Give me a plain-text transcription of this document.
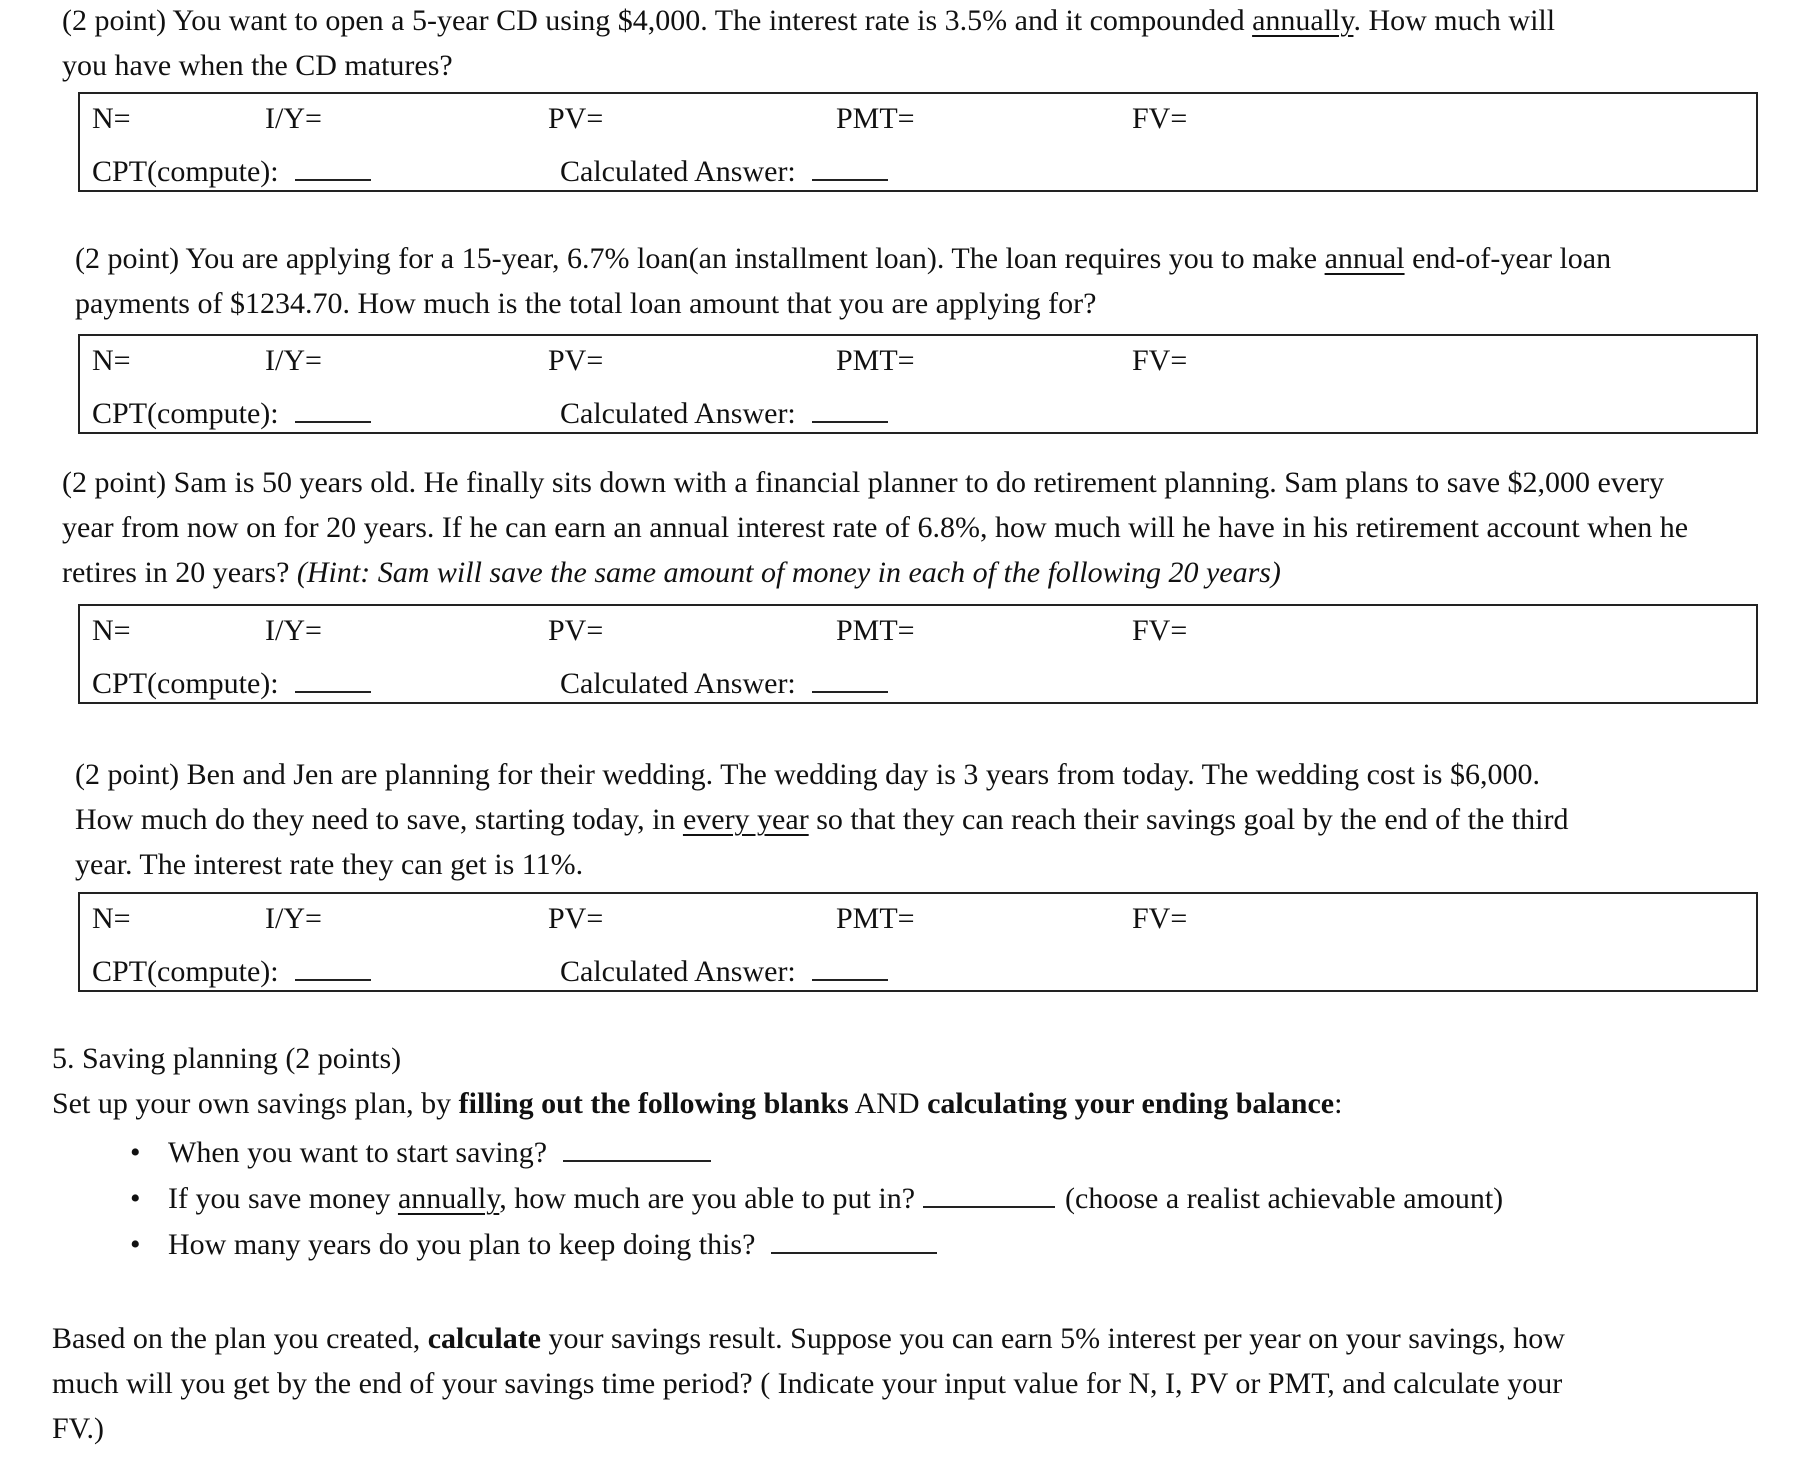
(2 point) You want to open a 5-year CD using $4,000. The interest rate is 3.5% and it compounded annually. How much will
you have when the CD matures?
N=	I/Y=	PV=	PMT=	FV=
CPT(compute):	Calculated Answer:
(2 point) You are applying for a 15-year, 6.7% loan(an installment loan). The loan requires you to make annual end-of-year loan
payments of $1234.70. How much is the total loan amount that you are applying for?
N=	I/Y=	PV=	PMT=	FV=
CPT(compute):	Calculated Answer:
(2 point) Sam is 50 years old. He finally sits down with a financial planner to do retirement planning. Sam plans to save $2,000 every
year from now on for 20 years. If he can earn an annual interest rate of 6.8%, how much will he have in his retirement account when he
retires in 20 years? (Hint: Sam will save the same amount of money in each of the following 20 years)
N=	I/Y=	PV=	PMT=	FV=
CPT(compute):	Calculated Answer:
(2 point) Ben and Jen are planning for their wedding. The wedding day is 3 years from today. The wedding cost is $6,000.
How much do they need to save, starting today, in every year so that they can reach their savings goal by the end of the third
year. The interest rate they can get is 11%.
N=	I/Y=	PV=	PMT=	FV=
CPT(compute):	Calculated Answer:
5. Saving planning (2 points)
Set up your own savings plan, by filling out the following blanks AND calculating your ending balance:
• When you want to start saving?
• If you save money annually, how much are you able to put in?	(choose a realist achievable amount)
• How many years do you plan to keep doing this?
Based on the plan you created, calculate your savings result. Suppose you can earn 5% interest per year on your savings, how
much will you get by the end of your savings time period? ( Indicate your input value for N, I, PV or PMT, and calculate your
FV.)
